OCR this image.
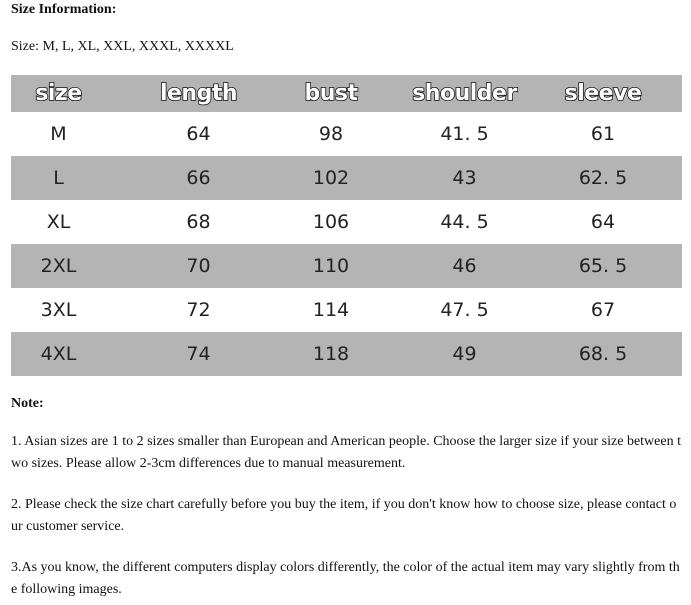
Size Information:
Size: M, L, XL, XXL, XXXL, XXXXL
size	length	bust	shoulder	sleeve
M	64	98	41. 5	61
L	66	102	43	62. 5
XL	68	106	44. 5	64
2XL	70	110	46	65. 5
3XL	72	114	47. 5	67
4XL	74	118	49	68. 5
Note:
1. Asian sizes are 1 to 2 sizes smaller than European and American people. Choose the larger size if your size between two sizes. Please allow 2-3cm differences due to manual measurement.
2. Please check the size chart carefully before you buy the item, if you don't know how to choose size, please contact our customer service.
3.As you know, the different computers display colors differently, the color of the actual item may vary slightly from the following images.
